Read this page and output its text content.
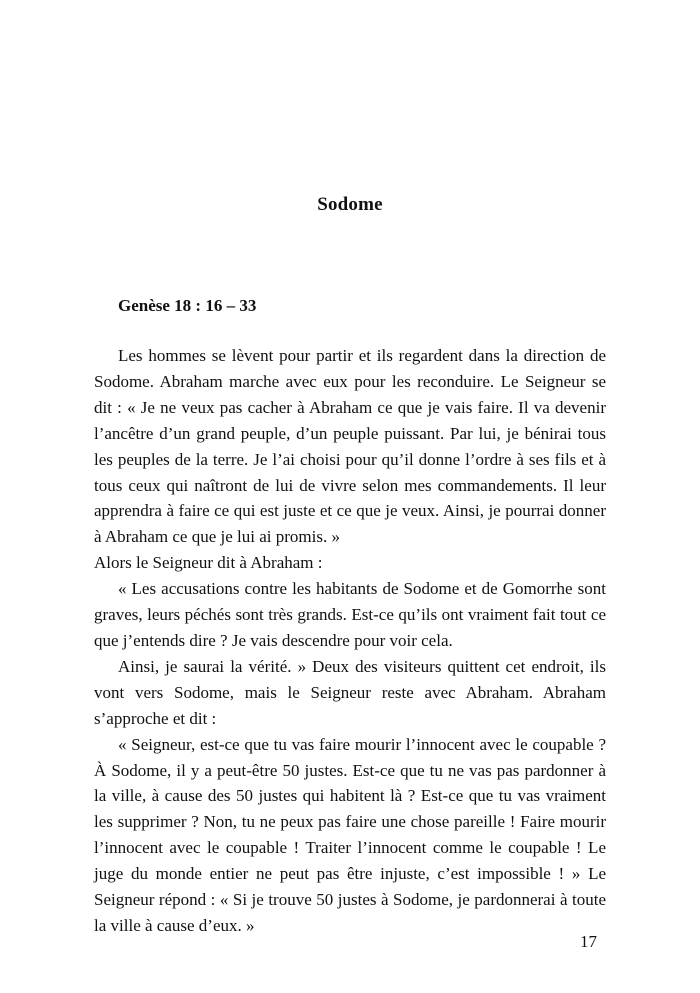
Sodome
Genèse 18 : 16 – 33

Les hommes se lèvent pour partir et ils regardent dans la direction de Sodome. Abraham marche avec eux pour les reconduire. Le Seigneur se dit : « Je ne veux pas cacher à Abraham ce que je vais faire. Il va devenir l’ancêtre d’un grand peuple, d’un peuple puissant. Par lui, je bénirai tous les peuples de la terre. Je l’ai choisi pour qu’il donne l’ordre à ses fils et à tous ceux qui naîtront de lui de vivre selon mes commandements. Il leur apprendra à faire ce qui est juste et ce que je veux. Ainsi, je pourrai donner à Abraham ce que je lui ai promis. »

Alors le Seigneur dit à Abraham :

« Les accusations contre les habitants de Sodome et de Gomorrhe sont graves, leurs péchés sont très grands. Est-ce qu’ils ont vraiment fait tout ce que j’entends dire ? Je vais descendre pour voir cela.

Ainsi, je saurai la vérité. » Deux des visiteurs quittent cet endroit, ils vont vers Sodome, mais le Seigneur reste avec Abraham. Abraham s’approche et dit :

« Seigneur, est-ce que tu vas faire mourir l’innocent avec le coupable ? À Sodome, il y a peut-être 50 justes. Est-ce que tu ne vas pas pardonner à la ville, à cause des 50 justes qui habitent là ? Est-ce que tu vas vraiment les supprimer ? Non, tu ne peux pas faire une chose pareille ! Faire mourir l’innocent avec le coupable ! Traiter l’innocent comme le coupable ! Le juge du monde entier ne peut pas être injuste, c’est impossible ! » Le Seigneur répond : « Si je trouve 50 justes à Sodome, je pardonnerai à toute la ville à cause d’eux. »

17
